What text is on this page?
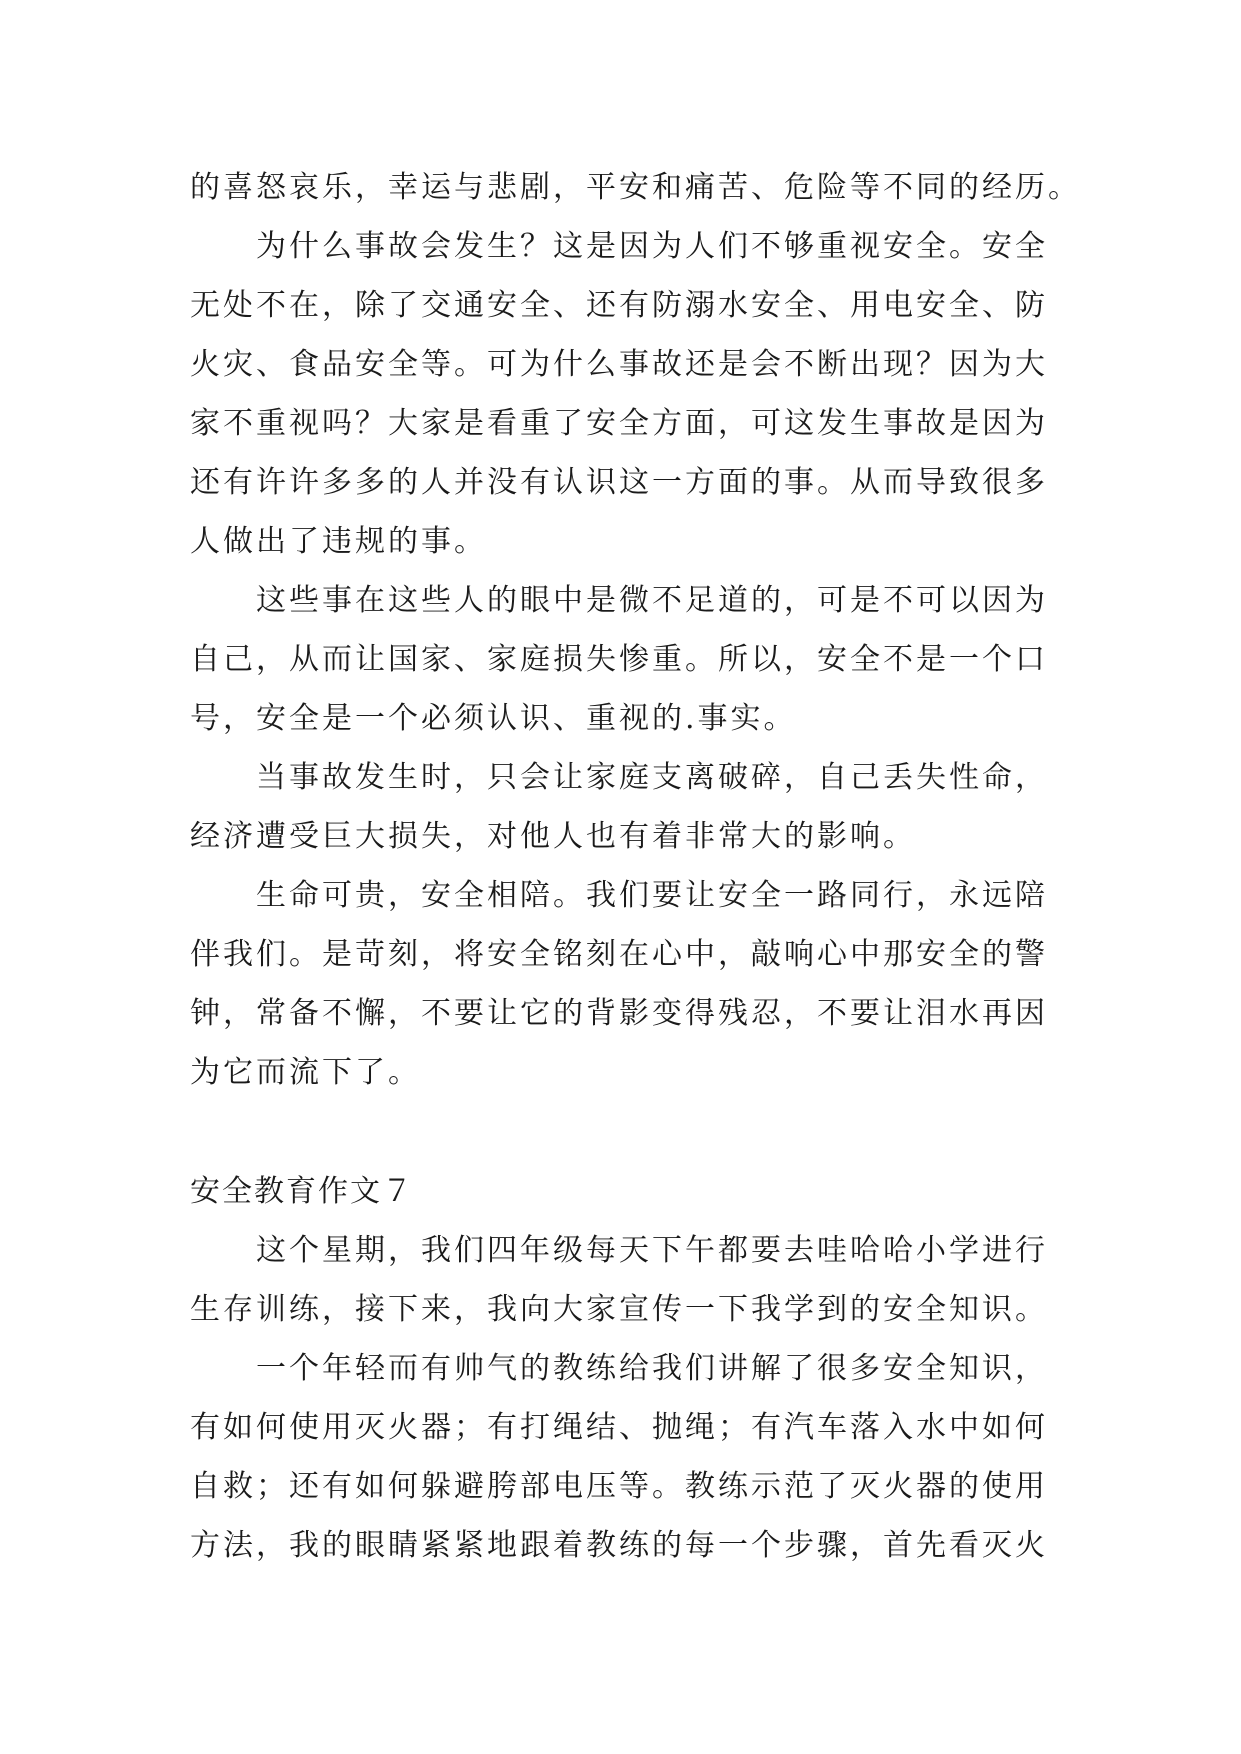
的喜怒哀乐，幸运与悲剧，平安和痛苦、危险等不同的经历。
为什么事故会发生？这是因为人们不够重视安全。安全
无处不在，除了交通安全、还有防溺水安全、用电安全、防
火灾、食品安全等。可为什么事故还是会不断出现？因为大
家不重视吗？大家是看重了安全方面，可这发生事故是因为
还有许许多多的人并没有认识这一方面的事。从而导致很多
人做出了违规的事。
这些事在这些人的眼中是微不足道的，可是不可以因为
自己，从而让国家、家庭损失惨重。所以，安全不是一个口
号，安全是一个必须认识、重视的.事实。
当事故发生时，只会让家庭支离破碎，自己丢失性命，
经济遭受巨大损失，对他人也有着非常大的影响。
生命可贵，安全相陪。我们要让安全一路同行，永远陪
伴我们。是苛刻，将安全铭刻在心中，敲响心中那安全的警
钟，常备不懈，不要让它的背影变得残忍，不要让泪水再因
为它而流下了。
安全教育作文７
这个星期，我们四年级每天下午都要去哇哈哈小学进行
生存训练，接下来，我向大家宣传一下我学到的安全知识。
一个年轻而有帅气的教练给我们讲解了很多安全知识，
有如何使用灭火器；有打绳结、抛绳；有汽车落入水中如何
自救；还有如何躲避胯部电压等。教练示范了灭火器的使用
方法，我的眼睛紧紧地跟着教练的每一个步骤，首先看灭火
